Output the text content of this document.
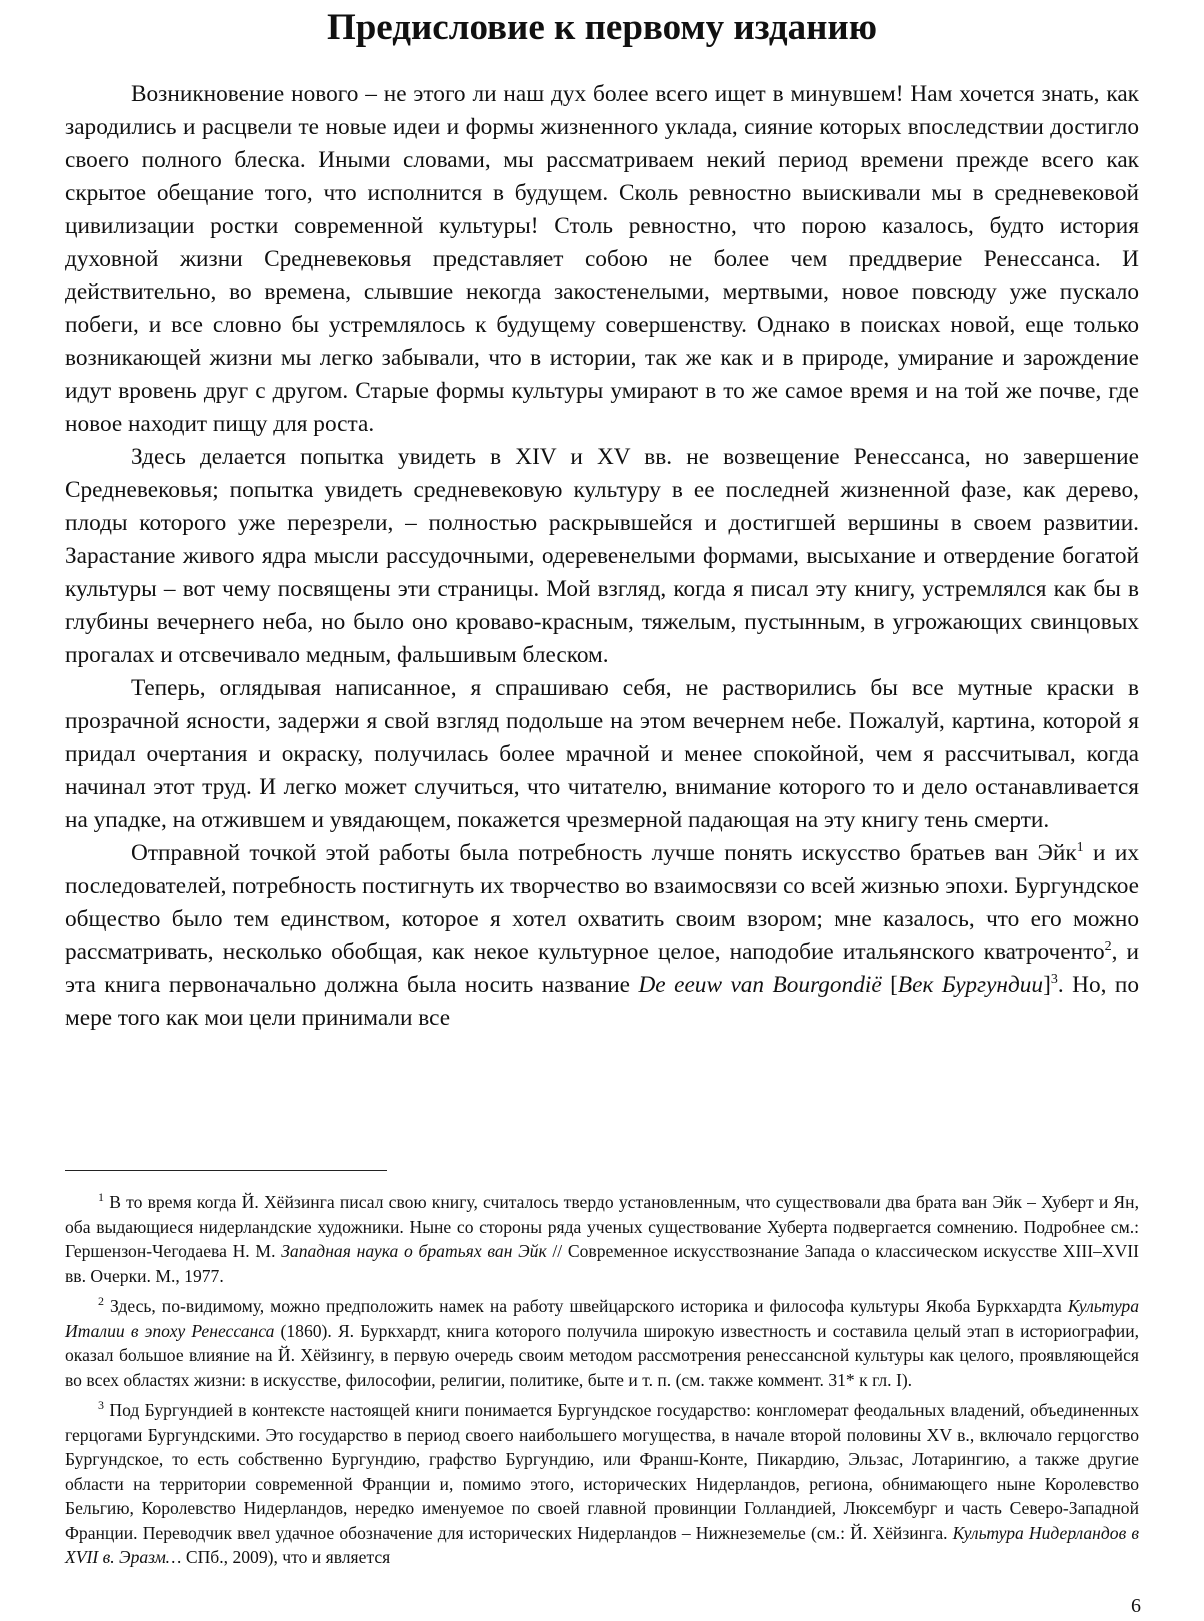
Предисловие к первому изданию

Возникновение нового – не этого ли наш дух более всего ищет в минувшем! Нам хочется знать, как зародились и расцвели те новые идеи и формы жизненного уклада, сияние которых впоследствии достигло своего полного блеска. Иными словами, мы рассматриваем некий период времени прежде всего как скрытое обещание того, что исполнится в будущем. Сколь ревностно выискивали мы в средневековой цивилизации ростки современной культуры! Столь ревностно, что порою казалось, будто история духовной жизни Средневековья представляет собою не более чем преддверие Ренессанса. И действительно, во времена, слывшие некогда закостенелыми, мертвыми, новое повсюду уже пускало побеги, и все словно бы устремлялось к будущему совершенству. Однако в поисках новой, еще только возникающей жизни мы легко забывали, что в истории, так же как и в природе, умирание и зарождение идут вровень друг с другом. Старые формы культуры умирают в то же самое время и на той же почве, где новое находит пищу для роста.

Здесь делается попытка увидеть в XIV и XV вв. не возвещение Ренессанса, но завершение Средневековья; попытка увидеть средневековую культуру в ее последней жизненной фазе, как дерево, плоды которого уже перезрели, – полностью раскрывшейся и достигшей вершины в своем развитии. Зарастание живого ядра мысли рассудочными, одеревенелыми формами, высыхание и отвердение богатой культуры – вот чему посвящены эти страницы. Мой взгляд, когда я писал эту книгу, устремлялся как бы в глубины вечернего неба, но было оно кроваво-красным, тяжелым, пустынным, в угрожающих свинцовых прогалах и отсвечивало медным, фальшивым блеском.

Теперь, оглядывая написанное, я спрашиваю себя, не растворились бы все мутные краски в прозрачной ясности, задержи я свой взгляд подольше на этом вечернем небе. Пожалуй, картина, которой я придал очертания и окраску, получилась более мрачной и менее спокойной, чем я рассчитывал, когда начинал этот труд. И легко может случиться, что читателю, внимание которого то и дело останавливается на упадке, на отжившем и увядающем, покажется чрезмерной падающая на эту книгу тень смерти.

Отправной точкой этой работы была потребность лучше понять искусство братьев ван Эйк$^1$ и их последователей, потребность постигнуть их творчество во взаимосвязи со всей жизнью эпохи. Бургундское общество было тем единством, которое я хотел охватить своим взором; мне казалось, что его можно рассматривать, несколько обобщая, как некое культурное целое, наподобие итальянского кватроченто$^2$, и эта книга первоначально должна была носить название De eeuw van Bourgondië [Век Бургундии]$^3$. Но, по мере того как мои цели принимали все

$^1$ В то время когда Й. Хёйзинга писал свою книгу, считалось твердо установленным, что существовали два брата ван Эйк – Хуберт и Ян, оба выдающиеся нидерландские художники. Ныне со стороны ряда ученых существование Хуберта подвергается сомнению. Подробнее см.: Гершензон-Чегодаева Н. М. Западная наука о братьях ван Эйк // Современное искусствознание Запада о классическом искусстве XIII–XVII вв. Очерки. М., 1977.

$^2$ Здесь, по-видимому, можно предположить намек на работу швейцарского историка и философа культуры Якоба Буркхардта Культура Италии в эпоху Ренессанса (1860). Я. Буркхардт, книга которого получила широкую известность и составила целый этап в историографии, оказал большое влияние на Й. Хёйзингу, в первую очередь своим методом рассмотрения ренессансной культуры как целого, проявляющейся во всех областях жизни: в искусстве, философии, религии, политике, быте и т. п. (см. также коммент. 31* к гл. I).

$^3$ Под Бургундией в контексте настоящей книги понимается Бургундское государство: конгломерат феодальных владений, объединенных герцогами Бургундскими. Это государство в период своего наибольшего могущества, в начале второй половины XV в., включало герцогство Бургундское, то есть собственно Бургундию, графство Бургундию, или Франш-Конте, Пикардию, Эльзас, Лотарингию, а также другие области на территории современной Франции и, помимо этого, исторических Нидерландов, региона, обнимающего ныне Королевство Бельгию, Королевство Нидерландов, нередко именуемое по своей главной провинции Голландией, Люксембург и часть Северо-Западной Франции. Переводчик ввел удачное обозначение для исторических Нидерландов – Нижнеземелье (см.: Й. Хёйзинга. Культура Нидерландов в XVII в. Эразм… СПб., 2009), что и является

6
